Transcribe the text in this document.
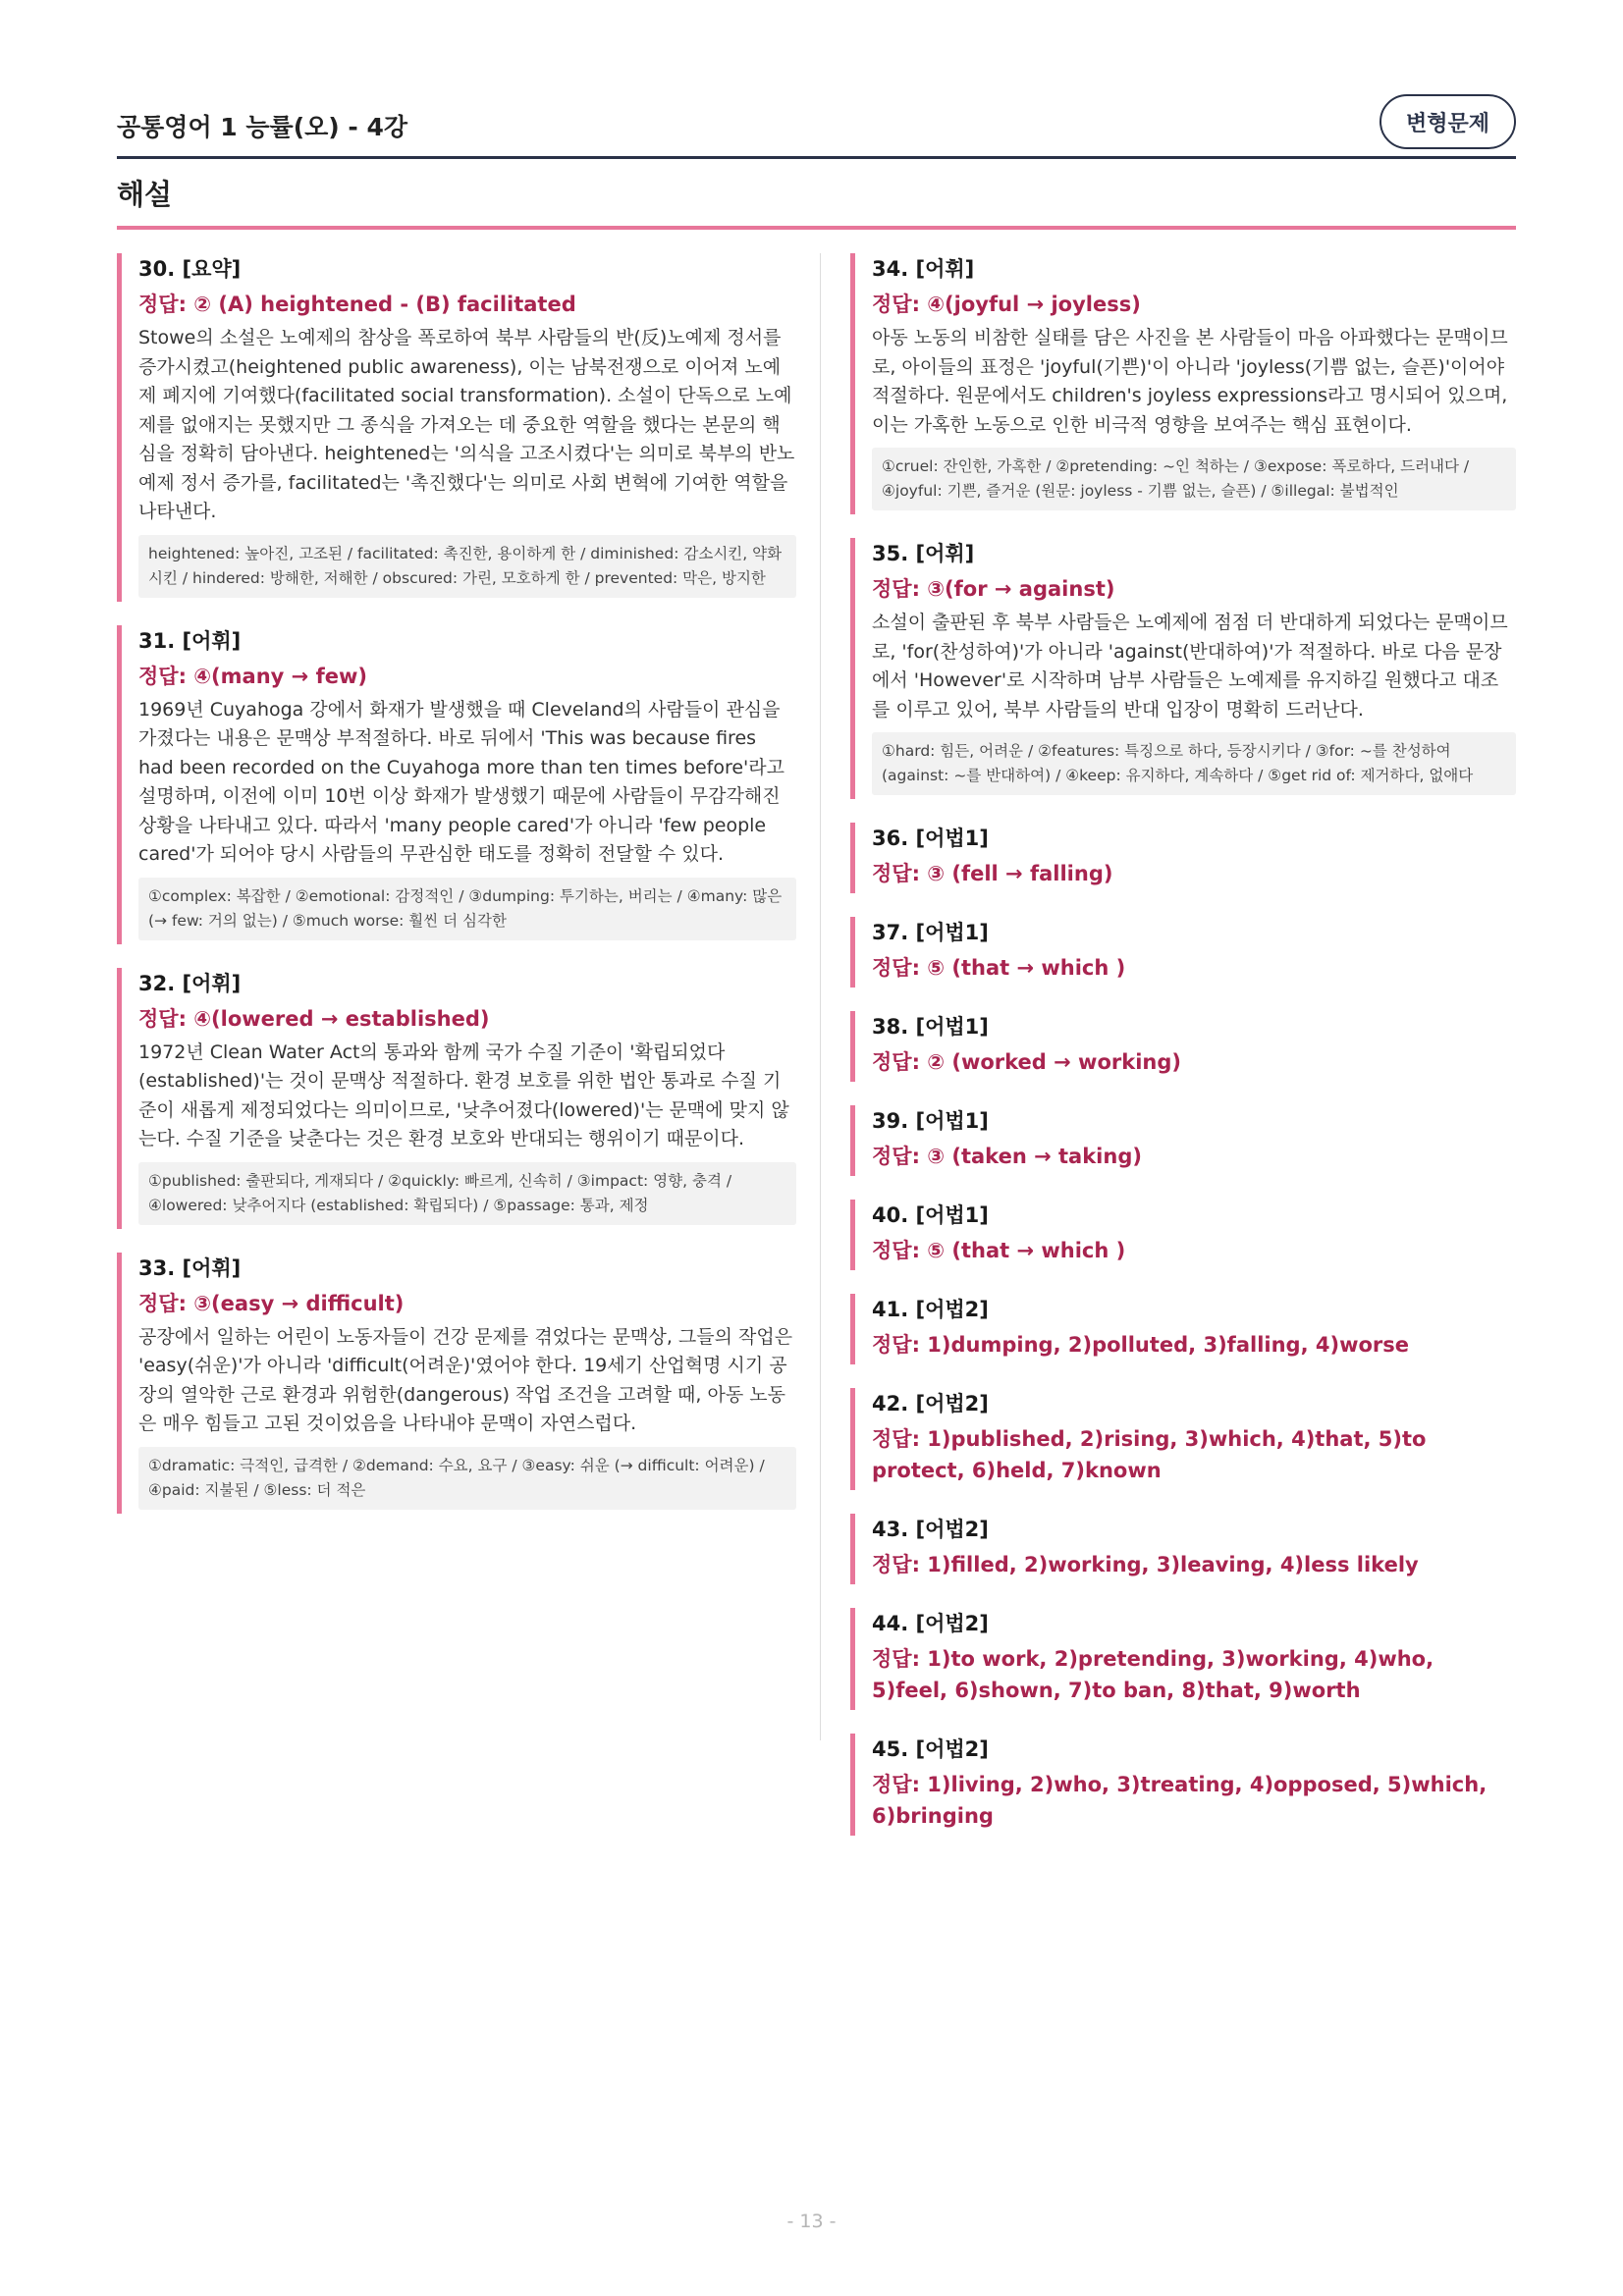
공통영어 1 능률(오) - 4강	변형문제
해설
30. [요약]
정답: ② (A) heightened - (B) facilitated
Stowe의 소설은 노예제의 참상을 폭로하여 북부 사람들의 반(反)노예제 정서를 증가시켰고(heightened public awareness), 이는 남북전쟁으로 이어져 노예제 폐지에 기여했다(facilitated social transformation). 소설이 단독으로 노예제를 없애지는 못했지만 그 종식을 가져오는 데 중요한 역할을 했다는 본문의 핵심을 정확히 담아낸다. heightened는 '의식을 고조시켰다'는 의미로 북부의 반노예제 정서 증가를, facilitated는 '촉진했다'는 의미로 사회 변혁에 기여한 역할을 나타낸다.
heightened: 높아진, 고조된 / facilitated: 촉진한, 용이하게 한 / diminished: 감소시킨, 약화시킨 / hindered: 방해한, 저해한 / obscured: 가린, 모호하게 한 / prevented: 막은, 방지한
31. [어휘]
정답: ④(many → few)
1969년 Cuyahoga 강에서 화재가 발생했을 때 Cleveland의 사람들이 관심을 가졌다는 내용은 문맥상 부적절하다. 바로 뒤에서 'This was because fires had been recorded on the Cuyahoga more than ten times before'라고 설명하며, 이전에 이미 10번 이상 화재가 발생했기 때문에 사람들이 무감각해진 상황을 나타내고 있다. 따라서 'many people cared'가 아니라 'few people cared'가 되어야 당시 사람들의 무관심한 태도를 정확히 전달할 수 있다.
①complex: 복잡한 / ②emotional: 감정적인 / ③dumping: 투기하는, 버리는 / ④many: 많은 (→ few: 거의 없는) / ⑤much worse: 훨씬 더 심각한
32. [어휘]
정답: ④(lowered → established)
1972년 Clean Water Act의 통과와 함께 국가 수질 기준이 '확립되었다(established)'는 것이 문맥상 적절하다. 환경 보호를 위한 법안 통과로 수질 기준이 새롭게 제정되었다는 의미이므로, '낮추어졌다(lowered)'는 문맥에 맞지 않는다. 수질 기준을 낮춘다는 것은 환경 보호와 반대되는 행위이기 때문이다.
①published: 출판되다, 게재되다 / ②quickly: 빠르게, 신속히 / ③impact: 영향, 충격 / ④lowered: 낮추어지다 (established: 확립되다) / ⑤passage: 통과, 제정
33. [어휘]
정답: ③(easy → difficult)
공장에서 일하는 어린이 노동자들이 건강 문제를 겪었다는 문맥상, 그들의 작업은 'easy(쉬운)'가 아니라 'difficult(어려운)'였어야 한다. 19세기 산업혁명 시기 공장의 열악한 근로 환경과 위험한(dangerous) 작업 조건을 고려할 때, 아동 노동은 매우 힘들고 고된 것이었음을 나타내야 문맥이 자연스럽다.
①dramatic: 극적인, 급격한 / ②demand: 수요, 요구 / ③easy: 쉬운 (→ difficult: 어려운) / ④paid: 지불된 / ⑤less: 더 적은
34. [어휘]
정답: ④(joyful → joyless)
아동 노동의 비참한 실태를 담은 사진을 본 사람들이 마음 아파했다는 문맥이므로, 아이들의 표정은 'joyful(기쁜)'이 아니라 'joyless(기쁨 없는, 슬픈)'이어야 적절하다. 원문에서도 children's joyless expressions라고 명시되어 있으며, 이는 가혹한 노동으로 인한 비극적 영향을 보여주는 핵심 표현이다.
①cruel: 잔인한, 가혹한 / ②pretending: ~인 척하는 / ③expose: 폭로하다, 드러내다 / ④joyful: 기쁜, 즐거운 (원문: joyless - 기쁨 없는, 슬픈) / ⑤illegal: 불법적인
35. [어휘]
정답: ③(for → against)
소설이 출판된 후 북부 사람들은 노예제에 점점 더 반대하게 되었다는 문맥이므로, 'for(찬성하여)'가 아니라 'against(반대하여)'가 적절하다. 바로 다음 문장에서 'However'로 시작하며 남부 사람들은 노예제를 유지하길 원했다고 대조를 이루고 있어, 북부 사람들의 반대 입장이 명확히 드러난다.
①hard: 힘든, 어려운 / ②features: 특징으로 하다, 등장시키다 / ③for: ~를 찬성하여 (against: ~를 반대하여) / ④keep: 유지하다, 계속하다 / ⑤get rid of: 제거하다, 없애다
36. [어법1]
정답: ③ (fell → falling)
37. [어법1]
정답: ⑤ (that → which )
38. [어법1]
정답: ② (worked → working)
39. [어법1]
정답: ③ (taken → taking)
40. [어법1]
정답: ⑤ (that → which )
41. [어법2]
정답: 1)dumping, 2)polluted, 3)falling, 4)worse
42. [어법2]
정답: 1)published, 2)rising, 3)which, 4)that, 5)to protect, 6)held, 7)known
43. [어법2]
정답: 1)filled, 2)working, 3)leaving, 4)less likely
44. [어법2]
정답: 1)to work, 2)pretending, 3)working, 4)who, 5)feel, 6)shown, 7)to ban, 8)that, 9)worth
45. [어법2]
정답: 1)living, 2)who, 3)treating, 4)opposed, 5)which, 6)bringing
- 13 -
